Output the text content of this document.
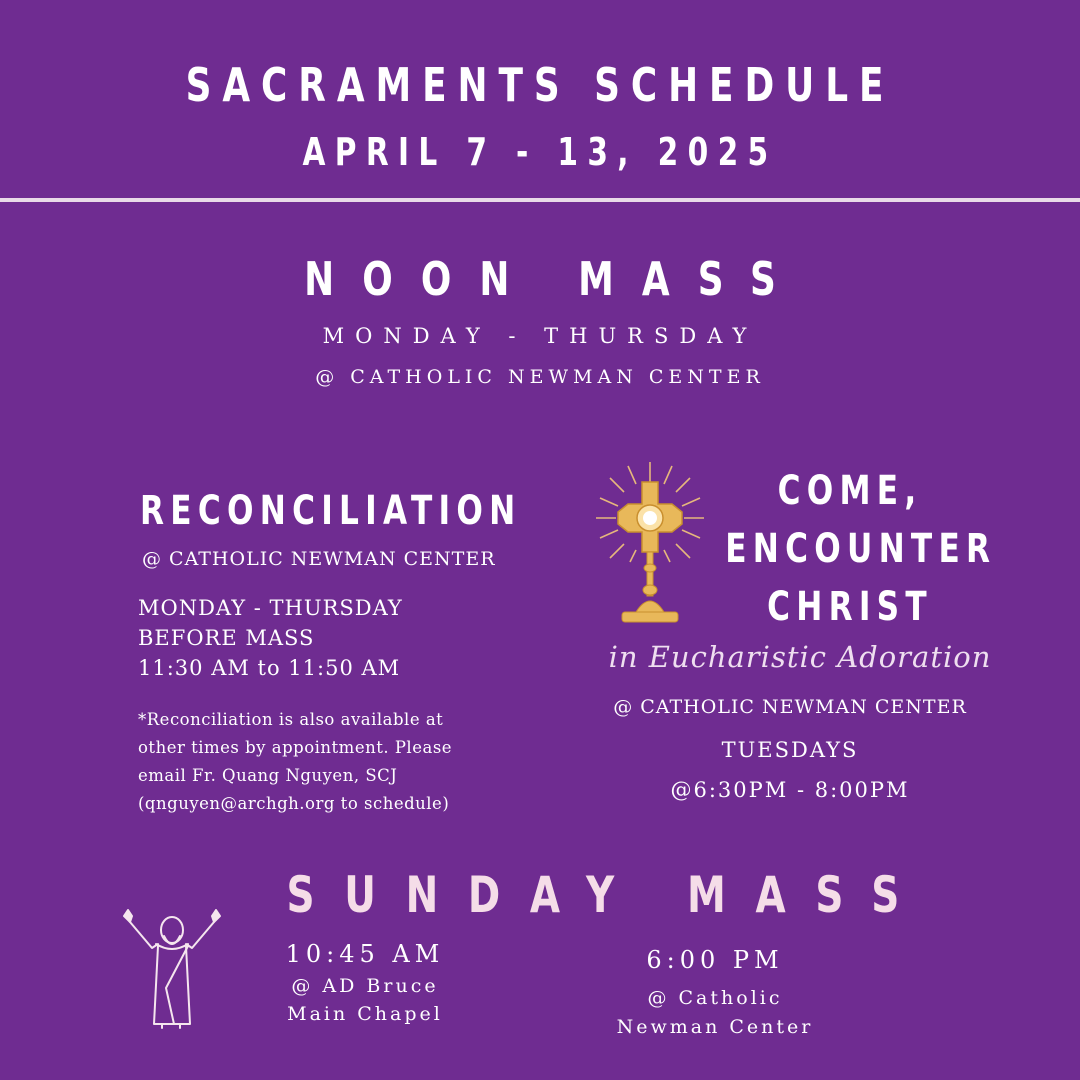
SACRAMENTS SCHEDULE
APRIL 7 - 13, 2025
NOON MASS
MONDAY - THURSDAY
@ CATHOLIC NEWMAN CENTER
RECONCILIATION
@ CATHOLIC NEWMAN CENTER
MONDAY - THURSDAY
BEFORE MASS
11:30 AM to 11:50 AM
*Reconciliation is also available at
other times by appointment. Please
email Fr. Quang Nguyen, SCJ
(qnguyen@archgh.org to schedule)
COME,
ENCOUNTER
CHRIST
in Eucharistic Adoration
@ CATHOLIC NEWMAN CENTER
TUESDAYS
@6:30PM - 8:00PM
SUNDAY MASS
10:45 AM
@ AD Bruce
Main Chapel
6:00 PM
@ Catholic
Newman Center
